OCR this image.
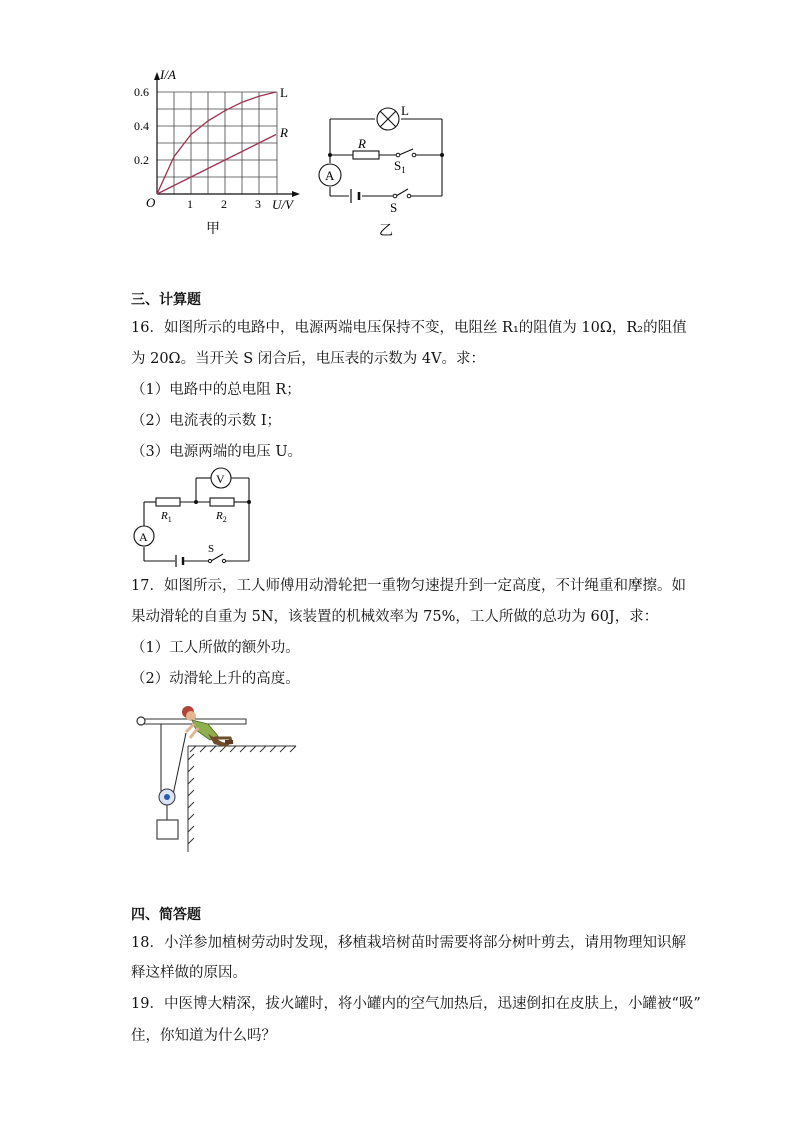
I/A
U/V
O
0.6
0.4
0.2
1 2 3
L
R
甲
L
R
$S_1$
A
S
乙
三、计算题
16．如图所示的电路中，电源两端电压保持不变，电阻丝 R₁的阻值为 10Ω，R₂的阻值
为 20Ω。当开关 S 闭合后，电压表的示数为 4V。求：
（1）电路中的总电阻 R；
（2）电流表的示数 I；
（3）电源两端的电压 U。
V
$R_1$	$R_2$
A
S
17．如图所示，工人师傅用动滑轮把一重物匀速提升到一定高度，不计绳重和摩擦。如
果动滑轮的自重为 5N，该装置的机械效率为 75%，工人所做的总功为 60J，求：
（1）工人所做的额外功。
（2）动滑轮上升的高度。
四、简答题
18．小洋参加植树劳动时发现，移植栽培树苗时需要将部分树叶剪去，请用物理知识解
释这样做的原因。
19．中医博大精深，拔火罐时，将小罐内的空气加热后，迅速倒扣在皮肤上，小罐被“吸”
住，你知道为什么吗？
